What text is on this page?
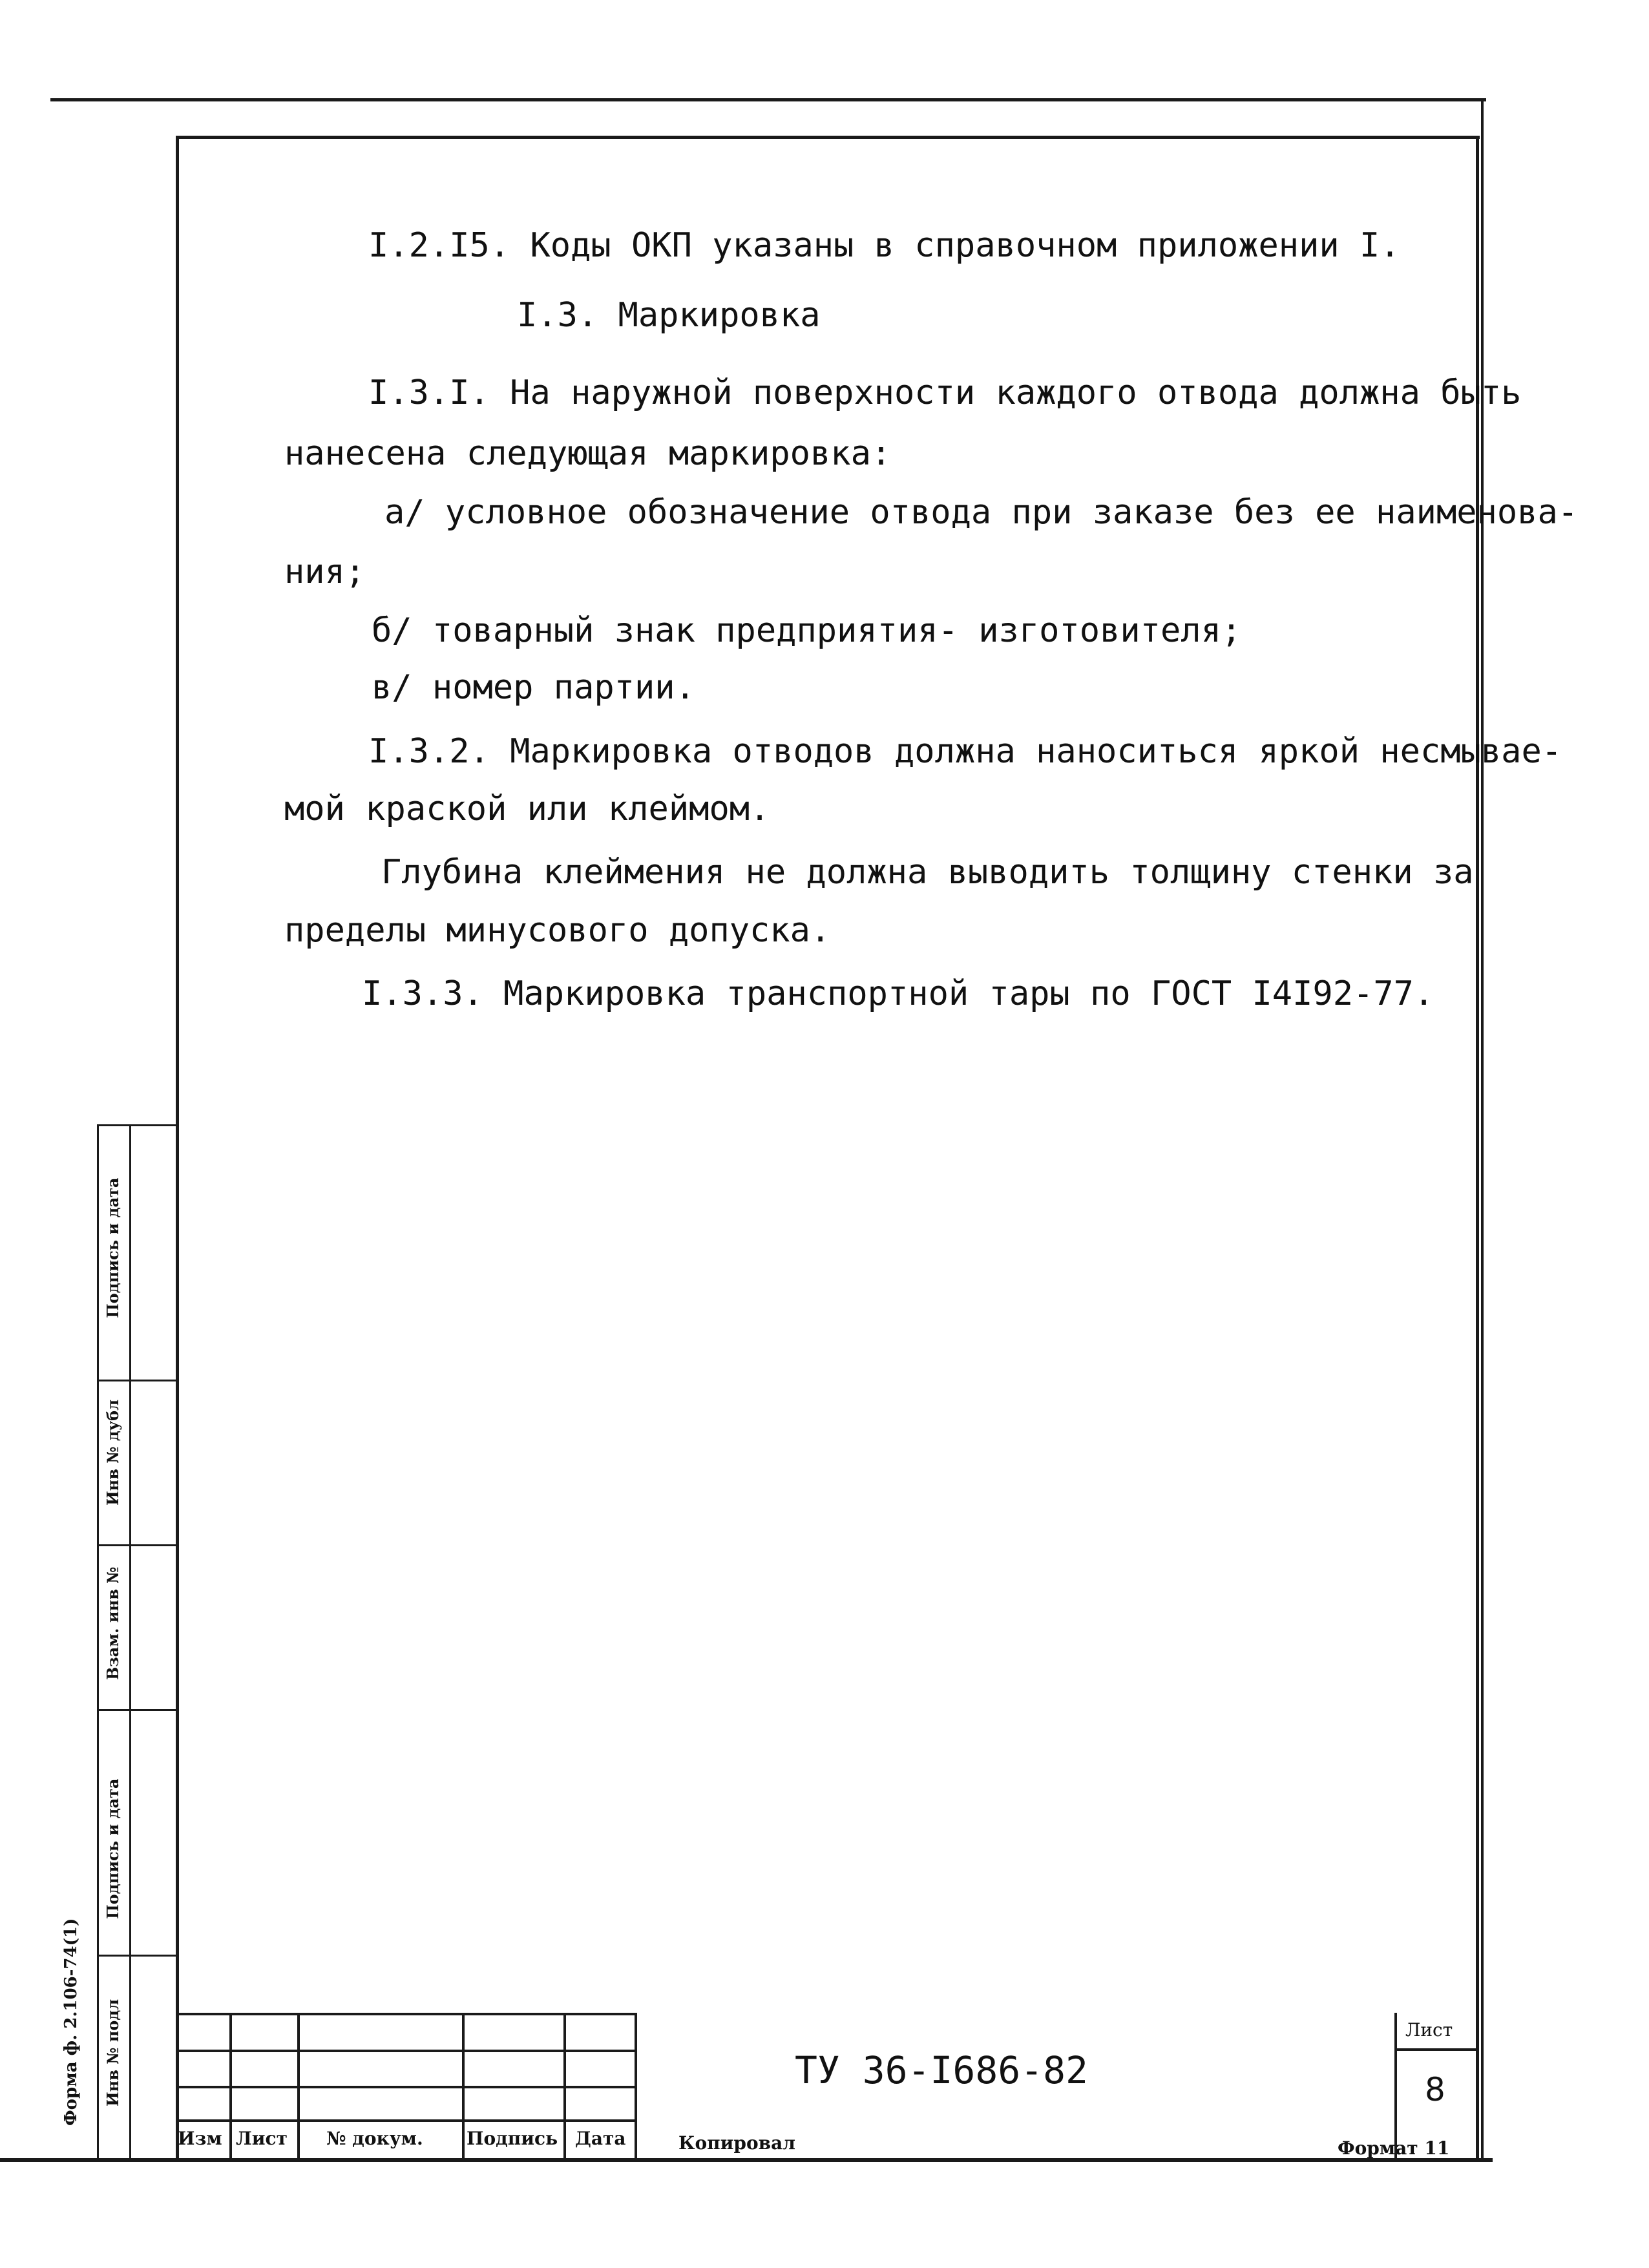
I.2.I5. Коды ОКП указаны в справочном приложении I.
I.3. Маркировка
I.3.I. На наружной поверхности каждого отвода должна быть
нанесена следующая маркировка:
а/ условное обозначение отвода при заказе без ее наименова-
ния;
б/ товарный знак предприятия- изготовителя;
в/ номер партии.
I.3.2. Маркировка отводов должна наноситься яркой несмывае-
мой краской или клеймом.
Глубина клеймения не должна выводить толщину стенки за
пределы минусового допуска.
I.3.3. Маркировка транспортной тары по ГОСТ I4I92-77.
Подпись и дата
Инв № дубл
Взам. инв №
Подпись и дата
Инв № подл
Форма ф. 2.106-74(1)
Изм Лист № докум. Подпись Дата
ТУ 36-I686-82
Лист
8
Копировал	Формат 11
